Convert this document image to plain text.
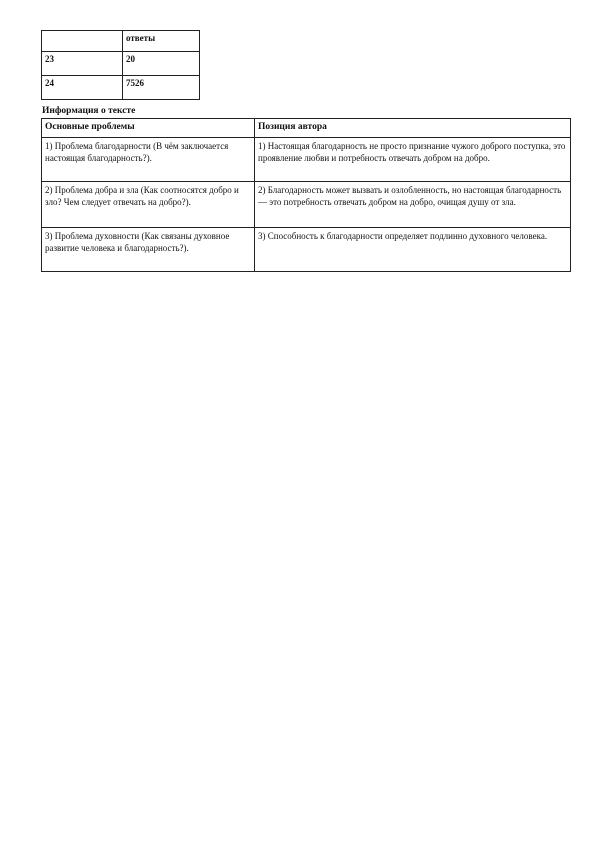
	ответы
23	20
24	7526

Информация о тексте

Основные проблемы	Позиция автора
1) Проблема благодарности (В чём заключается настоящая благодарность?).	1) Настоящая благодарность не просто признание чужого доброго поступка, это проявление любви и потребность отвечать добром на добро.
2) Проблема добра и зла (Как соотносятся добро и зло? Чем следует отвечать на добро?).	2) Благодарность может вызвать и озлобленность, но настоящая благодарность — это потребность отвечать добром на добро, очищая душу от зла.
3) Проблема духовности (Как связаны духовное развитие человека и благодарность?).	3) Способность к благодарности определяет подлинно духовного человека.
